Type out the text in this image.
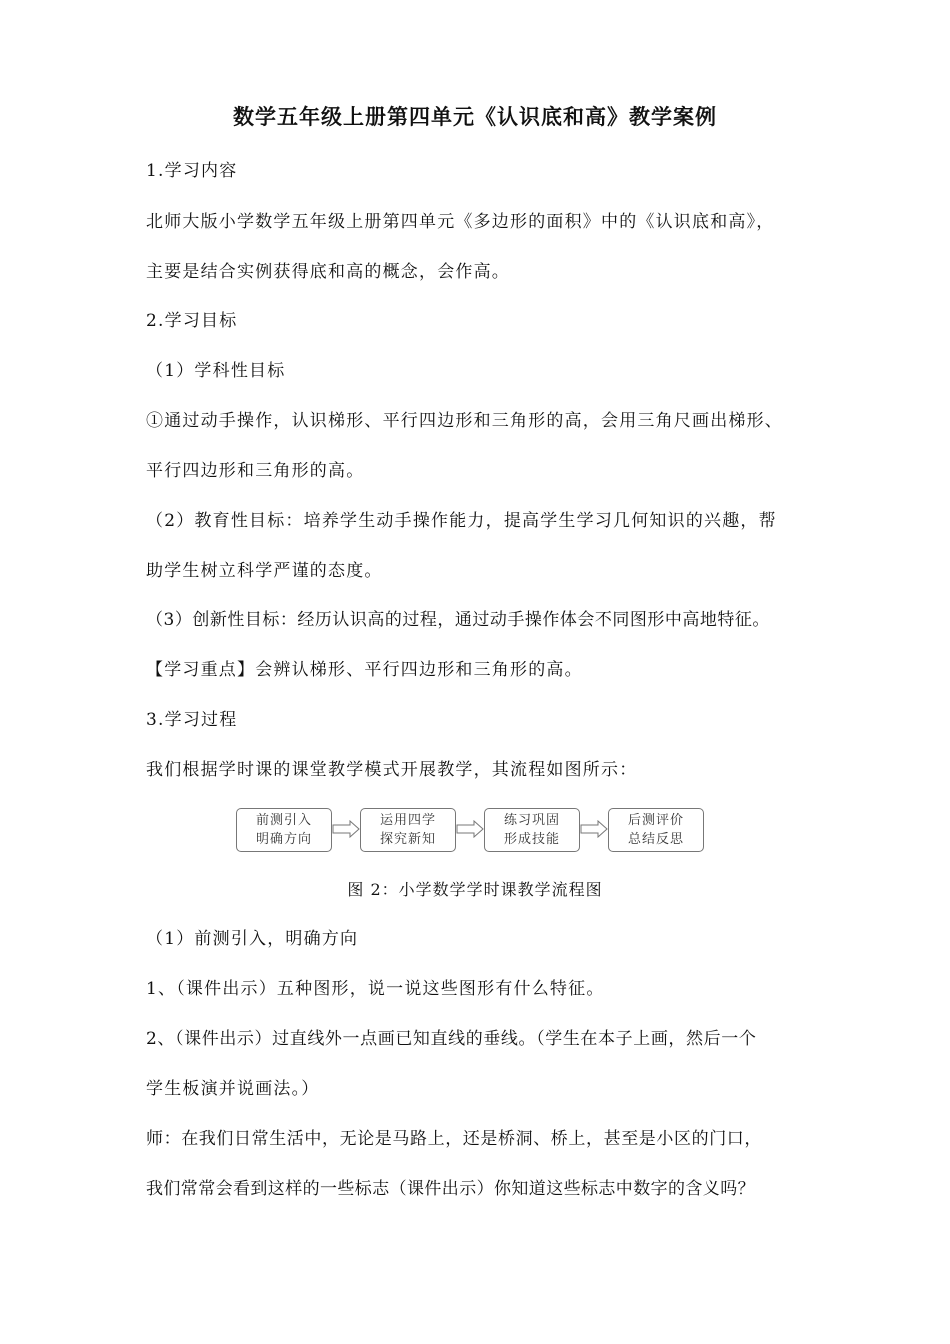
数学五年级上册第四单元《认识底和高》教学案例
1.学习内容
北师大版小学数学五年级上册第四单元《多边形的面积》中的《认识底和高》，
主要是结合实例获得底和高的概念，会作高。
2.学习目标
（1）学科性目标
①通过动手操作，认识梯形、平行四边形和三角形的高，会用三角尺画出梯形、
平行四边形和三角形的高。
（2）教育性目标：培养学生动手操作能力，提高学生学习几何知识的兴趣，帮
助学生树立科学严谨的态度。
（3）创新性目标：经历认识高的过程，通过动手操作体会不同图形中高地特征。
【学习重点】会辨认梯形、平行四边形和三角形的高。
3.学习过程
我们根据学时课的课堂教学模式开展教学，其流程如图所示：
前测引入
明确方向
运用四学
探究新知
练习巩固
形成技能
后测评价
总结反思
图 2：小学数学学时课教学流程图
（1）前测引入，明确方向
1、（课件出示）五种图形，说一说这些图形有什么特征。
2、（课件出示）过直线外一点画已知直线的垂线。（学生在本子上画，然后一个
学生板演并说画法。）
师：在我们日常生活中，无论是马路上，还是桥洞、桥上，甚至是小区的门口，
我们常常会看到这样的一些标志（课件出示）你知道这些标志中数字的含义吗？
